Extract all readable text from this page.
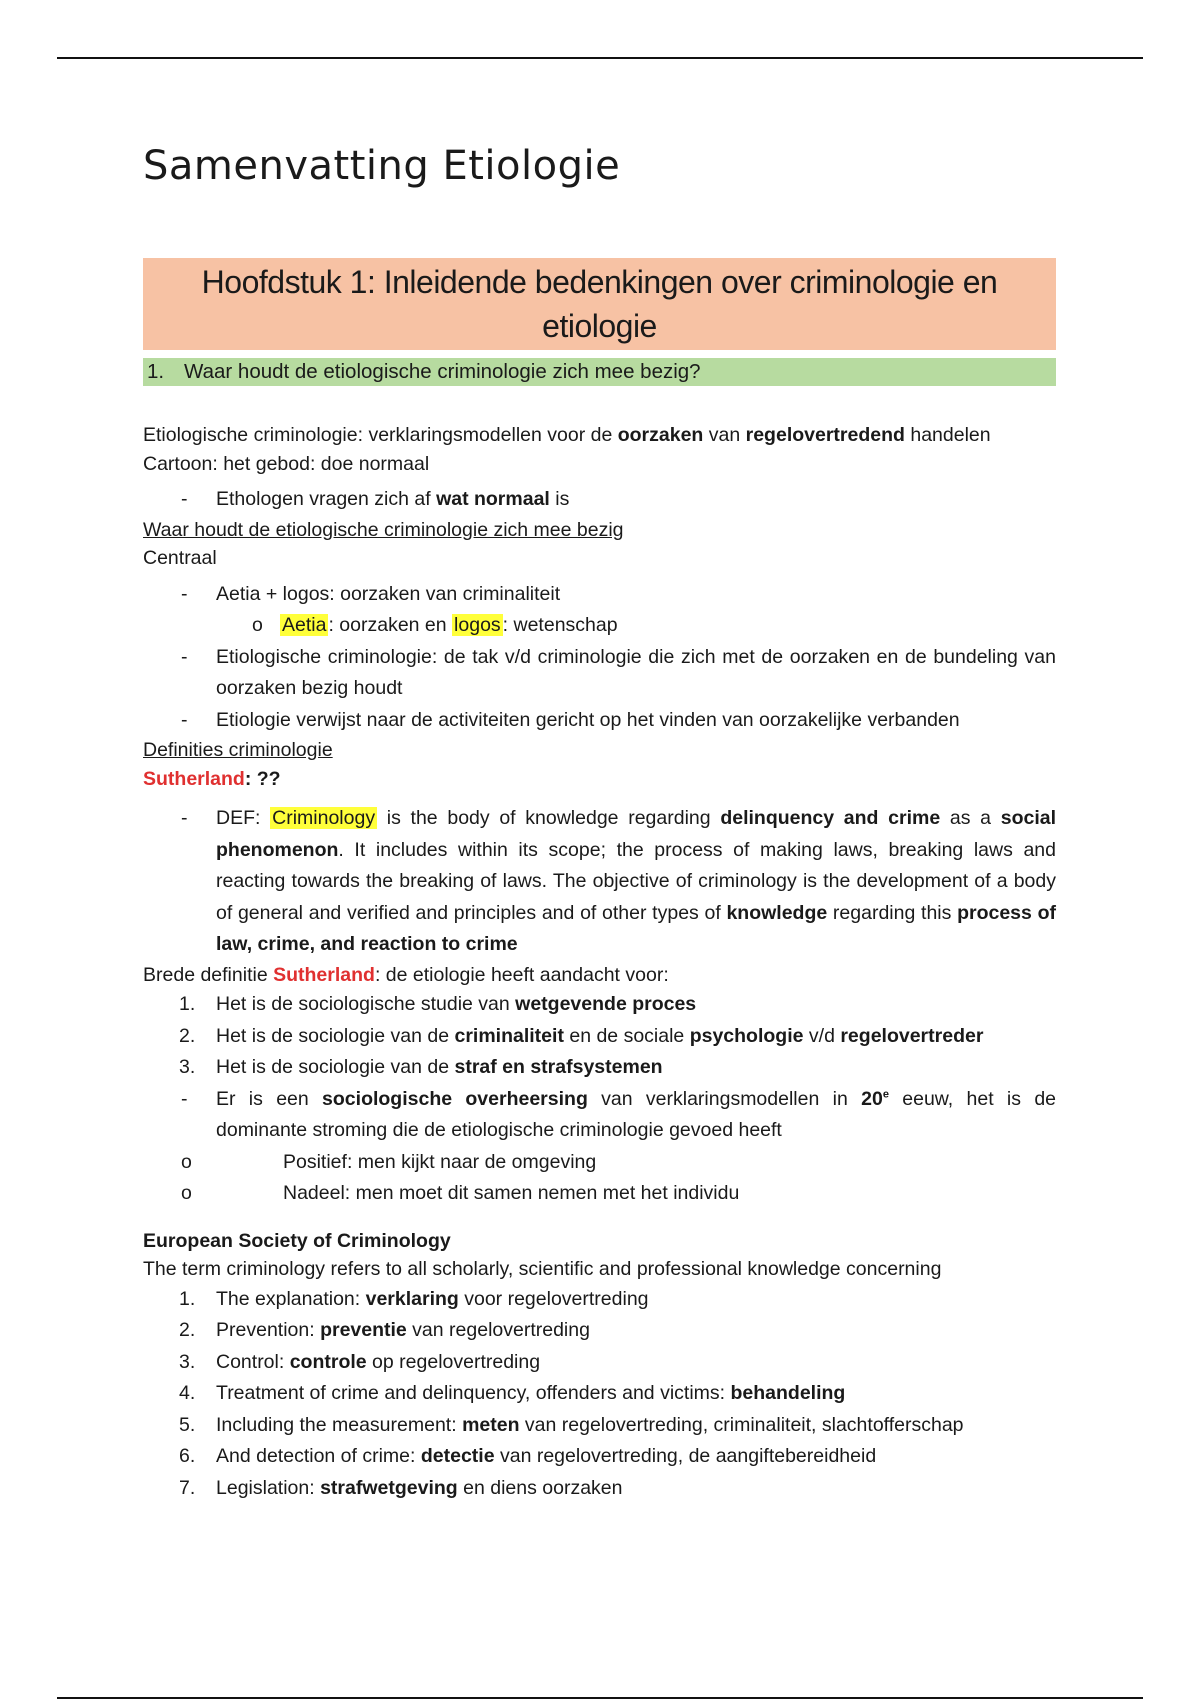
Samenvatting Etiologie
Hoofdstuk 1: Inleidende bedenkingen over criminologie en etiologie
1. Waar houdt de etiologische criminologie zich mee bezig?

Etiologische criminologie: verklaringsmodellen voor de oorzaken van regelovertredend handelen

Cartoon: het gebod: doe normaal

- Ethologen vragen zich af wat normaal is

Waar houdt de etiologische criminologie zich mee bezig

Centraal

- Aetia + logos: oorzaken van criminaliteit
o Aetia : oorzaken en logos : wetenschap
- Etiologische criminologie: de tak v/d criminologie die zich met de oorzaken en de bundeling van oorzaken bezig houdt
- Etiologie verwijst naar de activiteiten gericht op het vinden van oorzakelijke verbanden

Definities criminologie

Sutherland: ??

- DEF: Criminology is the body of knowledge regarding delinquency and crime as a social phenomenon. It includes within its scope; the process of making laws, breaking laws and reacting towards the breaking of laws. The objective of criminology is the development of a body of general and verified and principles and of other types of knowledge regarding this process of law, crime, and reaction to crime

Brede definitie Sutherland: de etiologie heeft aandacht voor:

1. Het is de sociologische studie van wetgevende proces
2. Het is de sociologie van de criminaliteit en de sociale psychologie v/d regelovertreder
3. Het is de sociologie van de straf en strafsystemen
- Er is een sociologische overheersing van verklaringsmodellen in 20e eeuw, het is de dominante stroming die de etiologische criminologie gevoed heeft
o Positief: men kijkt naar de omgeving
o Nadeel: men moet dit samen nemen met het individu

European Society of Criminology

The term criminology refers to all scholarly, scientific and professional knowledge concerning

1. The explanation: verklaring voor regelovertreding
2. Prevention: preventie van regelovertreding
3. Control: controle op regelovertreding
4. Treatment of crime and delinquency, offenders and victims: behandeling
5. Including the measurement: meten van regelovertreding, criminaliteit, slachtofferschap
6. And detection of crime: detectie van regelovertreding, de aangiftebereidheid
7. Legislation: strafwetgeving en diens oorzaken
